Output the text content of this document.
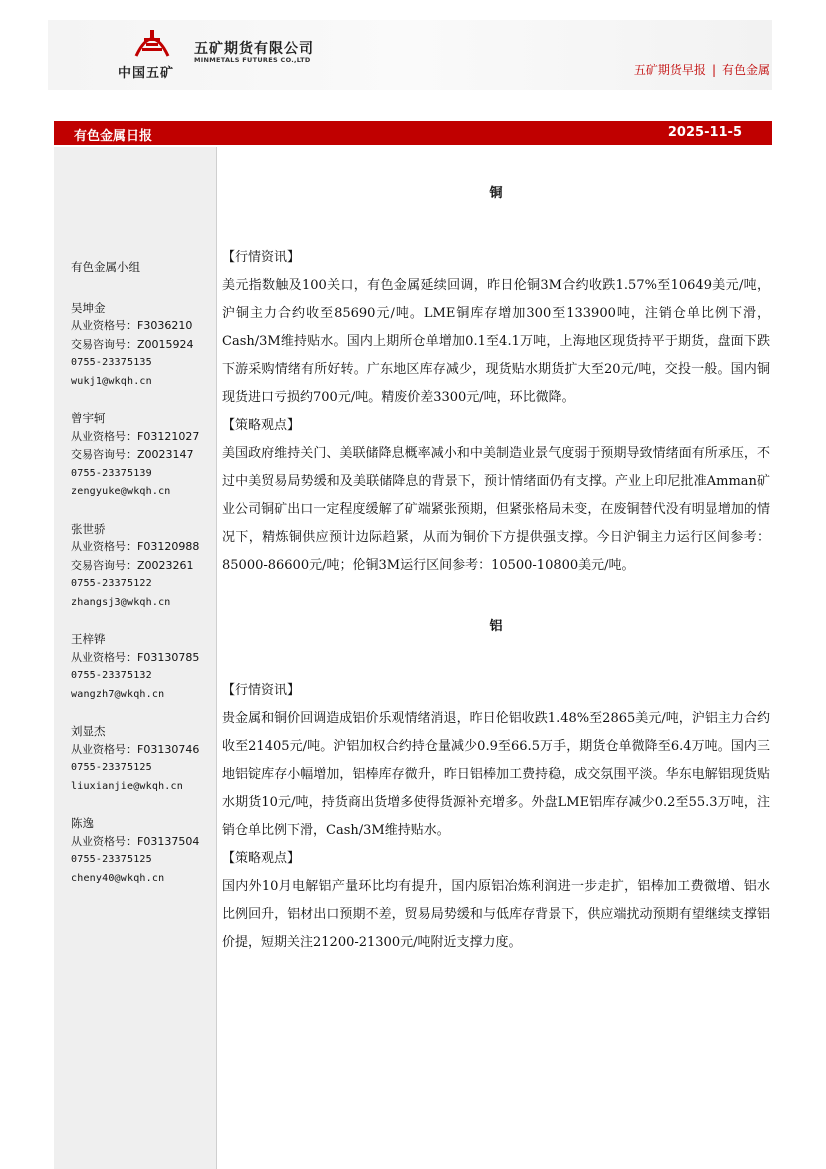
中国五矿
五矿期货有限公司
MINMETALS FUTURES CO.,LTD
五矿期货早报 | 有色金属
有色金属日报	2025-11-5
有色金属小组
吴坤金
从业资格号：F3036210
交易咨询号：Z0015924
0755-23375135
wukj1@wkqh.cn
曾宇轲
从业资格号：F03121027
交易咨询号：Z0023147
0755-23375139
zengyuke@wkqh.cn
张世骄
从业资格号：F03120988
交易咨询号：Z0023261
0755-23375122
zhangsj3@wkqh.cn
王梓铧
从业资格号：F03130785
0755-23375132
wangzh7@wkqh.cn
刘显杰
从业资格号：F03130746
0755-23375125
liuxianjie@wkqh.cn
陈逸
从业资格号：F03137504
0755-23375125
cheny40@wkqh.cn
铜
【行情资讯】

美元指数触及100关口，有色金属延续回调，昨日伦铜3M合约收跌1.57%至10649美元/吨，沪铜主力合约收至85690元/吨。LME铜库存增加300至133900吨，注销仓单比例下滑，Cash/3M维持贴水。国内上期所仓单增加0.1至4.1万吨，上海地区现货持平于期货，盘面下跌下游采购情绪有所好转。广东地区库存减少，现货贴水期货扩大至20元/吨，交投一般。国内铜现货进口亏损约700元/吨。精废价差3300元/吨，环比微降。

【策略观点】

美国政府维持关门、美联储降息概率减小和中美制造业景气度弱于预期导致情绪面有所承压，不过中美贸易局势缓和及美联储降息的背景下，预计情绪面仍有支撑。产业上印尼批准Amman矿业公司铜矿出口一定程度缓解了矿端紧张预期，但紧张格局未变，在废铜替代没有明显增加的情况下，精炼铜供应预计边际趋紧，从而为铜价下方提供强支撑。今日沪铜主力运行区间参考：85000-86600元/吨；伦铜3M运行区间参考：10500-10800美元/吨。

铝
【行情资讯】

贵金属和铜价回调造成铝价乐观情绪消退，昨日伦铝收跌1.48%至2865美元/吨，沪铝主力合约收至21405元/吨。沪铝加权合约持仓量减少0.9至66.5万手，期货仓单微降至6.4万吨。国内三地铝锭库存小幅增加，铝棒库存微升，昨日铝棒加工费持稳，成交氛围平淡。华东电解铝现货贴水期货10元/吨，持货商出货增多使得货源补充增多。外盘LME铝库存减少0.2至55.3万吨，注销仓单比例下滑，Cash/3M维持贴水。

【策略观点】

国内外10月电解铝产量环比均有提升，国内原铝冶炼利润进一步走扩，铝棒加工费微增、铝水比例回升，铝材出口预期不差，贸易局势缓和与低库存背景下，供应端扰动预期有望继续支撑铝价提，短期关注21200-21300元/吨附近支撑力度。
